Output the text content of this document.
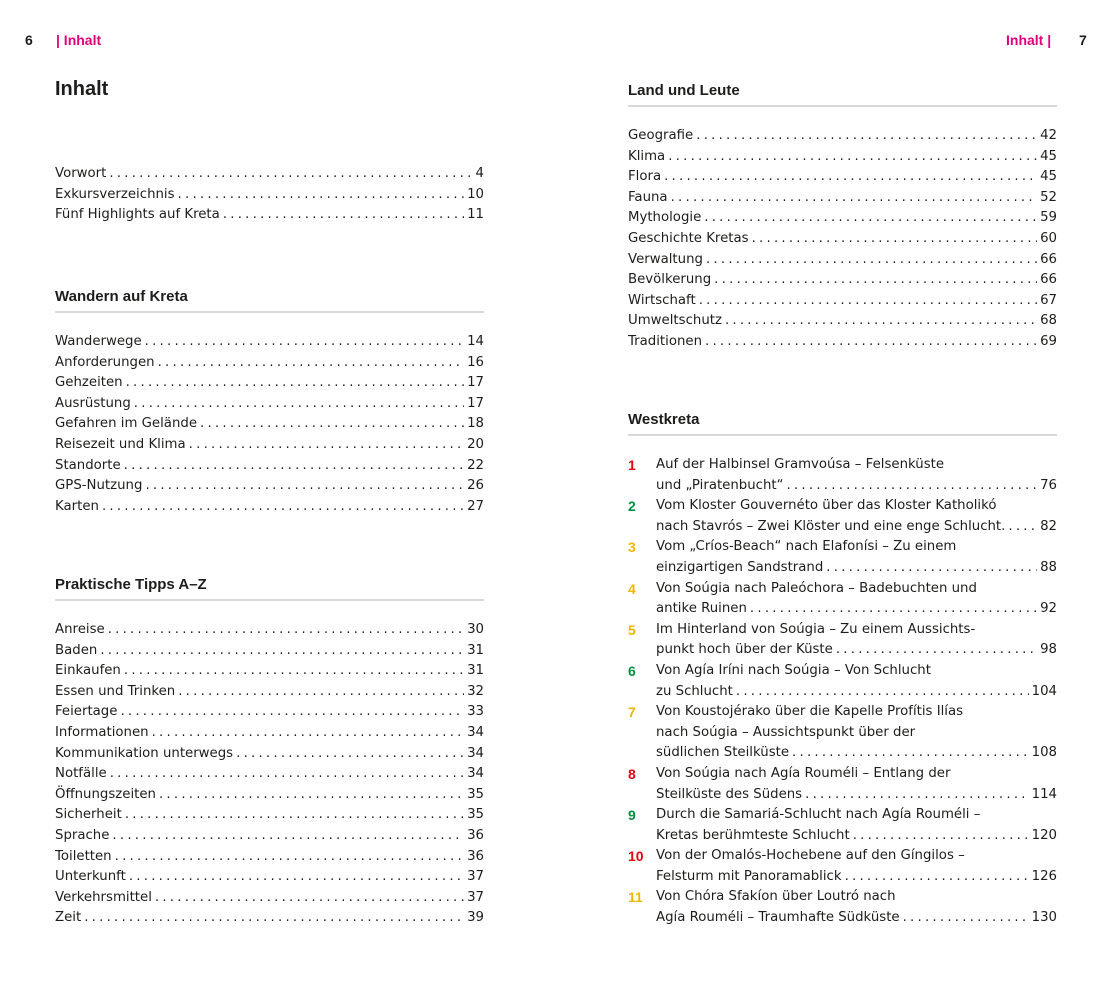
6 | Inhalt	Inhalt | 7
Inhalt
Vorwort . . .	4
Exkursverzeichnis . . .	10
Fünf Highlights auf Kreta . . .	11
Wandern auf Kreta
Wanderwege . . .	14
Anforderungen . . .	16
Gehzeiten . . .	17
Ausrüstung . . .	17
Gefahren im Gelände . . .	18
Reisezeit und Klima . . .	20
Standorte . . .	22
GPS-Nutzung . . .	26
Karten . . .	27
Praktische Tipps A–Z
Anreise . . .	30
Baden . . .	31
Einkaufen . . .	31
Essen und Trinken . . .	32
Feiertage . . .	33
Informationen . . .	34
Kommunikation unterwegs . . .	34
Notfälle . . .	34
Öffnungszeiten . . .	35
Sicherheit . . .	35
Sprache . . .	36
Toiletten . . .	36
Unterkunft . . .	37
Verkehrsmittel . . .	37
Zeit . . .	39
Land und Leute
Geografie . . .	42
Klima . . .	45
Flora . . .	45
Fauna . . .	52
Mythologie . . .	59
Geschichte Kretas . . .	60
Verwaltung . . .	66
Bevölkerung . . .	66
Wirtschaft . . .	67
Umweltschutz . . .	68
Traditionen . . .	69
Westkreta
1 Auf der Halbinsel Gramvoúsa – Felsenküste
und „Piratenbucht“ . . .	76
2 Vom Kloster Gouvernéto über das Kloster Katholikó
nach Stavrós – Zwei Klöster und eine enge Schlucht. . . .	82
3 Vom „Críos-Beach“ nach Elafonísi – Zu einem
einzigartigen Sandstrand . . .	88
4 Von Soúgia nach Paleóchora – Badebuchten und
antike Ruinen . . .	92
5 Im Hinterland von Soúgia – Zu einem Aussichts-
punkt hoch über der Küste . . .	98
6 Von Agía Iríni nach Soúgia – Von Schlucht
zu Schlucht . . .	104
7 Von Koustojérako über die Kapelle Profítis Ilías
nach Soúgia – Aussichtspunkt über der
südlichen Steilküste . . .	108
8 Von Soúgia nach Agía Rouméli – Entlang der
Steilküste des Südens . . .	114
9 Durch die Samariá-Schlucht nach Agía Rouméli –
Kretas berühmteste Schlucht . . .	120
10 Von der Omalós-Hochebene auf den Gíngilos –
Felsturm mit Panoramablick . . .	126
11 Von Chóra Sfakíon über Loutró nach
Agía Rouméli – Traumhafte Südküste . . .	130
